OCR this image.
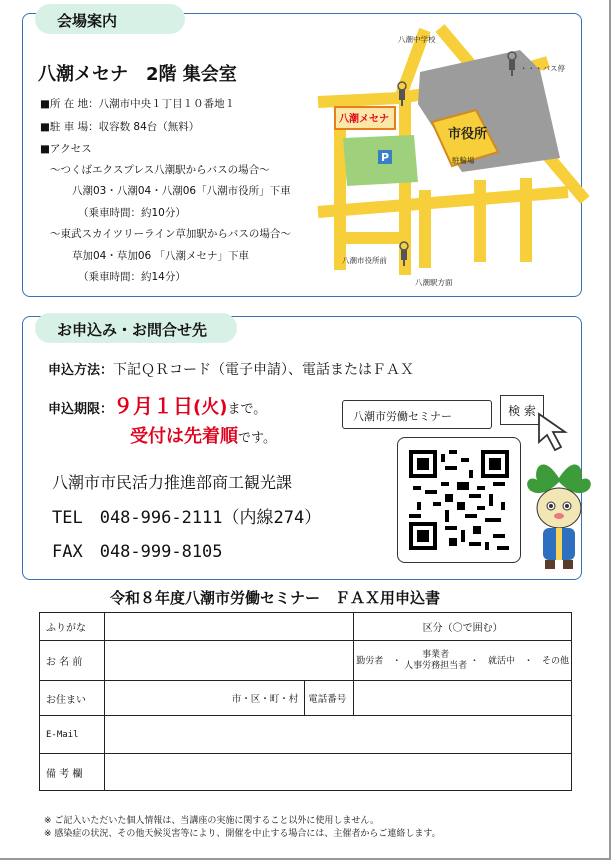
会場案内
八潮メセナ　2階 集会室
■所 在 地：八潮市中央１丁目１０番地１
■駐 車 場：収容数 84台（無料）
■アクセス
～つくばエクスプレス八潮駅からバスの場合～
八潮03・八潮04・八潮06「八潮市役所」下車
（乗車時間：約10分）
～東武スカイツリーライン草加駅からバスの場合～
草加04・草加06 「八潮メセナ」下車
（乗車時間：約14分）
P
八潮メセナ
市役所
駐輪場
八潮中学校
・・・バス停
八潮市役所前
八潮駅方面
お申込み・お問合せ先
申込方法：下記ＱＲコード（電子申請）、電話またはＦＡＸ
申込期限：９月１日(火)まで。
受付は先着順です。
八潮市市民活力推進部商工観光課
TEL　048-996-2111（内線274）
FAX　048-999-8105
八潮市労働セミナー	検 索
令和８年度八潮市労働セミナー　ＦＡＸ用申込書
ふりがな			区分（〇で囲む）
お 名 前			勤労者　・ 事業者
人事労務担当者 ・　就活中　・　その他
お住まい	市・区・町・村	電話番号	
E-Mail			
備 考 欄			
※ ご記入いただいた個人情報は、当講座の実施に関すること以外に使用しません。
※ 感染症の状況、その他天候災害等により、開催を中止する場合には、主催者からご連絡します。
